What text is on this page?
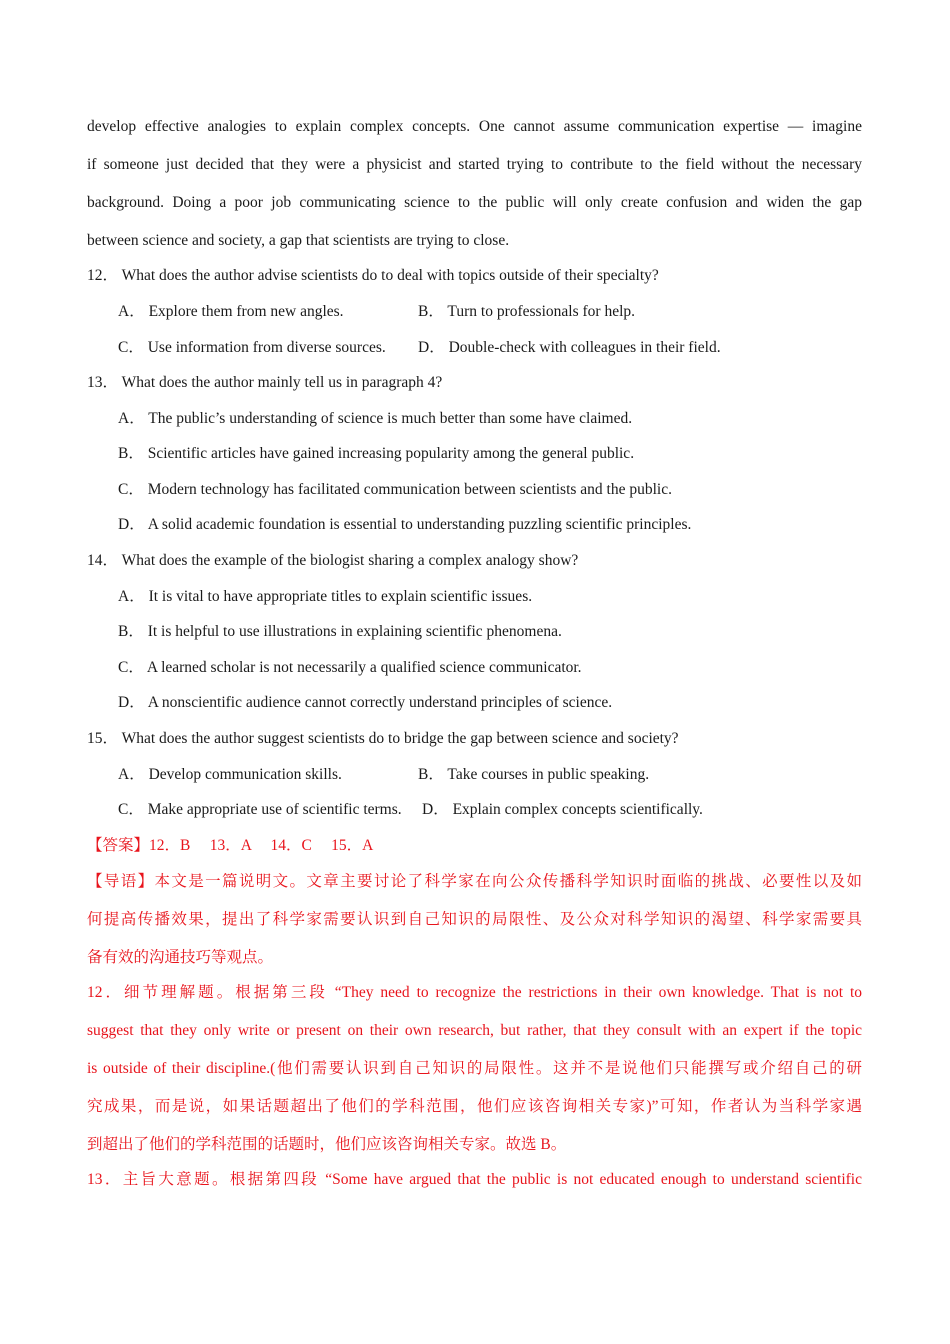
develop effective analogies to explain complex concepts. One cannot assume communication expertise — imagine
if someone just decided that they were a physicist and started trying to contribute to the field without the necessary
background. Doing a poor job communicating science to the public will only create confusion and widen the gap
between science and society, a gap that scientists are trying to close.
12． What does the author advise scientists do to deal with topics outside of their specialty?
A． Explore them from new angles.	B． Turn to professionals for help.
C． Use information from diverse sources. D． Double-check with colleagues in their field.
13． What does the author mainly tell us in paragraph 4?
A． The public’s understanding of science is much better than some have claimed.
B． Scientific articles have gained increasing popularity among the general public.
C． Modern technology has facilitated communication between scientists and the public.
D． A solid academic foundation is essential to understanding puzzling scientific principles.
14． What does the example of the biologist sharing a complex analogy show?
A． It is vital to have appropriate titles to explain scientific issues.
B． It is helpful to use illustrations in explaining scientific phenomena.
C． A learned scholar is not necessarily a qualified science communicator.
D． A nonscientific audience cannot correctly understand principles of science.
15． What does the author suggest scientists do to bridge the gap between science and society?
A． Develop communication skills.	B． Take courses in public speaking.
C． Make appropriate use of scientific terms. D． Explain complex concepts scientifically.
【答案】12．B　 13．A　 14．C　 15．A
【导语】本文是一篇说明文。文章主要讨论了科学家在向公众传播科学知识时面临的挑战、必要性以及如
何提高传播效果，提出了科学家需要认识到自己知识的局限性、及公众对科学知识的渴望、科学家需要具
备有效的沟通技巧等观点。
12．细节理解题。根据第三段 “They need to recognize the restrictions in their own knowledge. That is not to
suggest that they only write or present on their own research, but rather, that they consult with an expert if the topic
is outside of their discipline.(他们需要认识到自己知识的局限性。这并不是说他们只能撰写或介绍自己的研
究成果，而是说，如果话题超出了他们的学科范围，他们应该咨询相关专家)”可知，作者认为当科学家遇
到超出了他们的学科范围的话题时，他们应该咨询相关专家。故选 B。
13．主旨大意题。根据第四段 “Some have argued that the public is not educated enough to understand scientific
